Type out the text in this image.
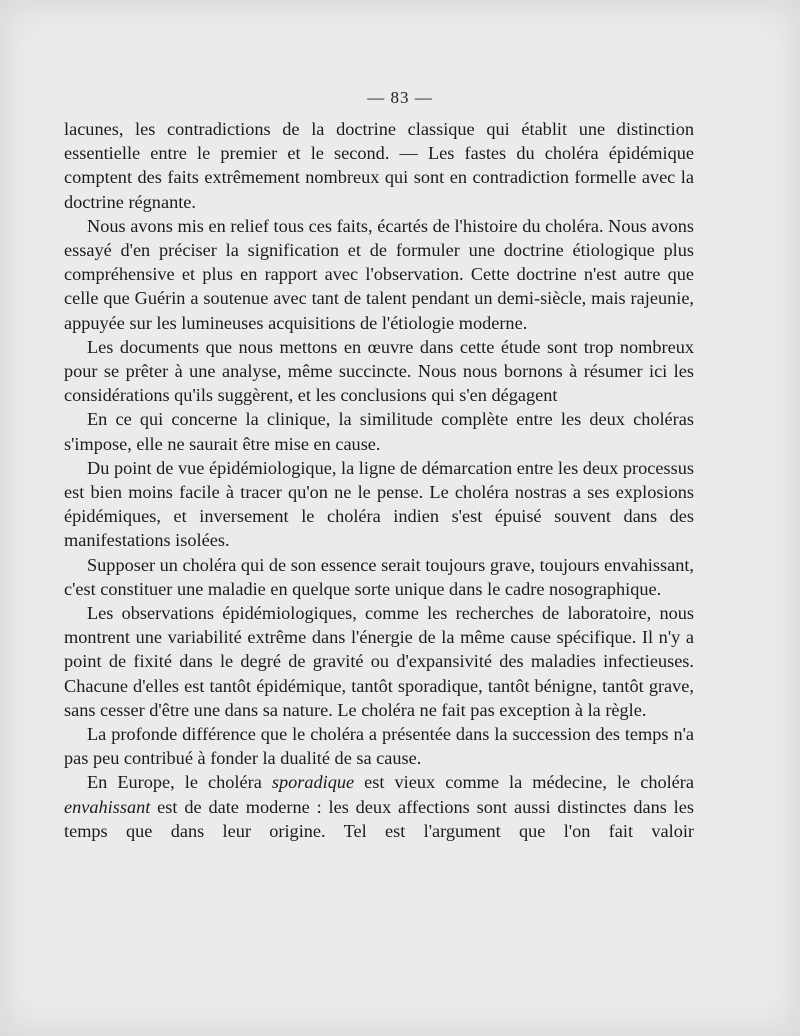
— 83 —

lacunes, les contradictions de la doctrine classique qui établit une distinction essentielle entre le premier et le second. — Les fastes du choléra épidémique comptent des faits extrêmement nombreux qui sont en contradiction formelle avec la doctrine régnante.

Nous avons mis en relief tous ces faits, écartés de l'histoire du choléra. Nous avons essayé d'en préciser la signification et de formuler une doctrine étiologique plus compréhensive et plus en rapport avec l'observation. Cette doctrine n'est autre que celle que Guérin a soutenue avec tant de talent pendant un demi-siècle, mais rajeunie, appuyée sur les lumineuses acquisitions de l'étiologie moderne.

Les documents que nous mettons en œuvre dans cette étude sont trop nombreux pour se prêter à une analyse, même succincte. Nous nous bornons à résumer ici les considérations qu'ils suggèrent, et les conclusions qui s'en dégagent

En ce qui concerne la clinique, la similitude complète entre les deux choléras s'impose, elle ne saurait être mise en cause.

Du point de vue épidémiologique, la ligne de démarcation entre les deux processus est bien moins facile à tracer qu'on ne le pense. Le choléra nostras a ses explosions épidémiques, et inversement le choléra indien s'est épuisé souvent dans des manifestations isolées.

Supposer un choléra qui de son essence serait toujours grave, toujours envahissant, c'est constituer une maladie en quelque sorte unique dans le cadre nosographique.

Les observations épidémiologiques, comme les recherches de laboratoire, nous montrent une variabilité extrême dans l'énergie de la même cause spécifique. Il n'y a point de fixité dans le degré de gravité ou d'expansivité des maladies infectieuses. Chacune d'elles est tantôt épidémique, tantôt sporadique, tantôt bénigne, tantôt grave, sans cesser d'être une dans sa nature. Le choléra ne fait pas exception à la règle.

La profonde différence que le choléra a présentée dans la succession des temps n'a pas peu contribué à fonder la dualité de sa cause.

En Europe, le choléra sporadique est vieux comme la médecine, le choléra envahissant est de date moderne : les deux affections sont aussi distinctes dans les temps que dans leur origine. Tel est l'argument que l'on fait valoir
